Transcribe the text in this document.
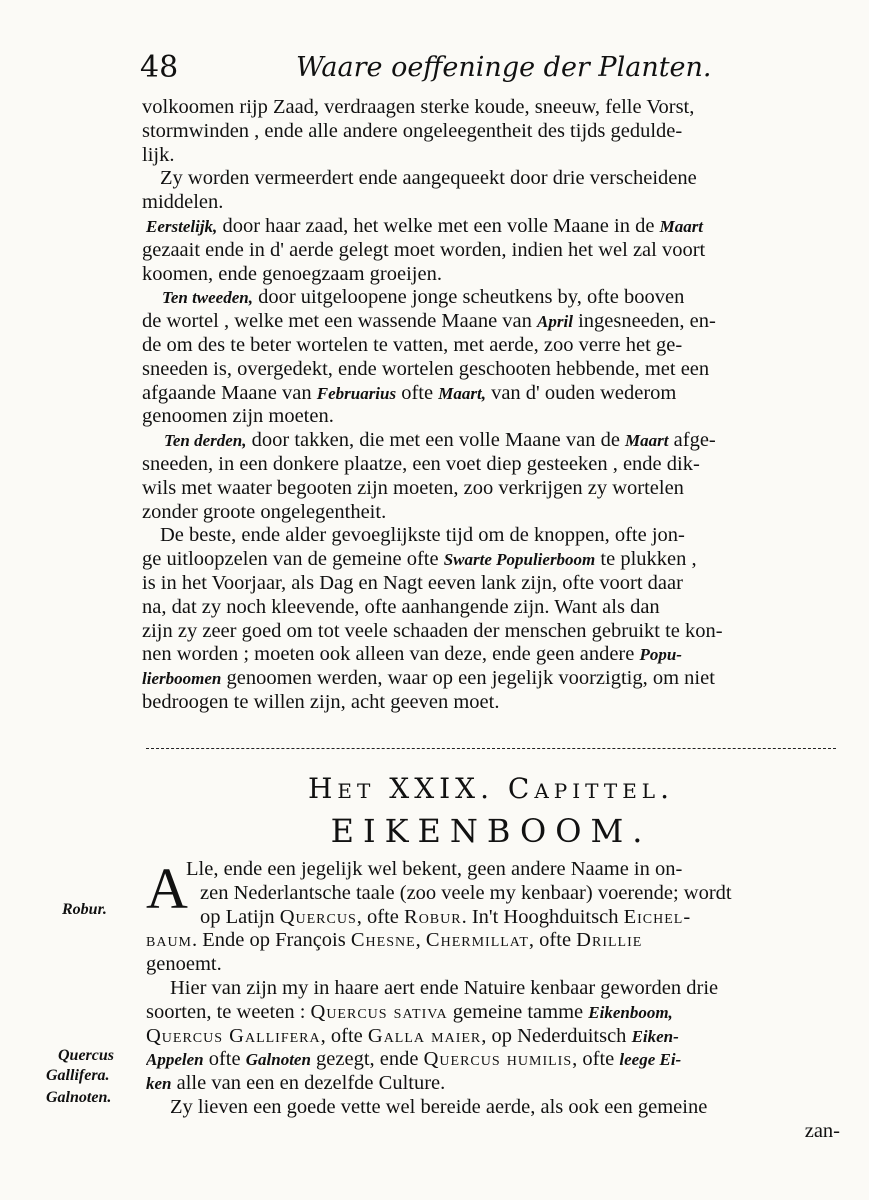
48	Waare oeffeninge der Planten.
volkoomen rijp Zaad, verdraagen sterke koude, sneeuw, felle Vorst,
stormwinden , ende alle andere ongeleegentheit des tijds gedulde-
lijk.
Zy worden vermeerdert ende aangequeekt door drie verscheidene
middelen.
Eerstelijk, door haar zaad, het welke met een volle Maane in de Maart
gezaait ende in d' aerde gelegt moet worden, indien het wel zal voort
koomen, ende genoegzaam groeijen.
Ten tweeden, door uitgeloopene jonge scheutkens by, ofte booven
de wortel , welke met een wassende Maane van April ingesneeden, en-
de om des te beter wortelen te vatten, met aerde, zoo verre het ge-
sneeden is, overgedekt, ende wortelen geschooten hebbende, met een
afgaande Maane van Februarius ofte Maart, van d' ouden wederom
genoomen zijn moeten.
Ten derden, door takken, die met een volle Maane van de Maart afge-
sneeden, in een donkere plaatze, een voet diep gesteeken , ende dik-
wils met waater begooten zijn moeten, zoo verkrijgen zy wortelen
zonder groote ongelegentheit.
De beste, ende alder gevoeglijkste tijd om de knoppen, ofte jon-
ge uitloopzelen van de gemeine ofte Swarte Populierboom te plukken ,
is in het Voorjaar, als Dag en Nagt eeven lank zijn, ofte voort daar
na, dat zy noch kleevende, ofte aanhangende zijn. Want als dan
zijn zy zeer goed om tot veele schaaden der menschen gebruikt te kon-
nen worden ; moeten ook alleen van deze, ende geen andere Popu-
lierboomen genoomen werden, waar op een jegelijk voorzigtig, om niet
bedroogen te willen zijn, acht geeven moet.
Het XXIX. Capittel.
EIKENBOOM.
A
Lle, ende een jegelijk wel bekent, geen andere Naame in on-
zen Nederlantsche taale (zoo veele my kenbaar) voerende; wordt
op Latijn Quercus, ofte Robur. In't Hooghduitsch Eichel-
baum. Ende op François Chesne, Chermillat, ofte Drillie
genoemt.
Hier van zijn my in haare aert ende Natuire kenbaar geworden drie
soorten, te weeten : Quercus sativa gemeine tamme Eikenboom,
Quercus Gallifera, ofte Galla maier, op Nederduitsch Eiken-
Appelen ofte Galnoten gezegt, ende Quercus humilis, ofte leege Ei-
ken alle van een en dezelfde Culture.
Zy lieven een goede vette wel bereide aerde, als ook een gemeine
zan-
Robur.
Quercus
Gallifera.
Galnoten.
